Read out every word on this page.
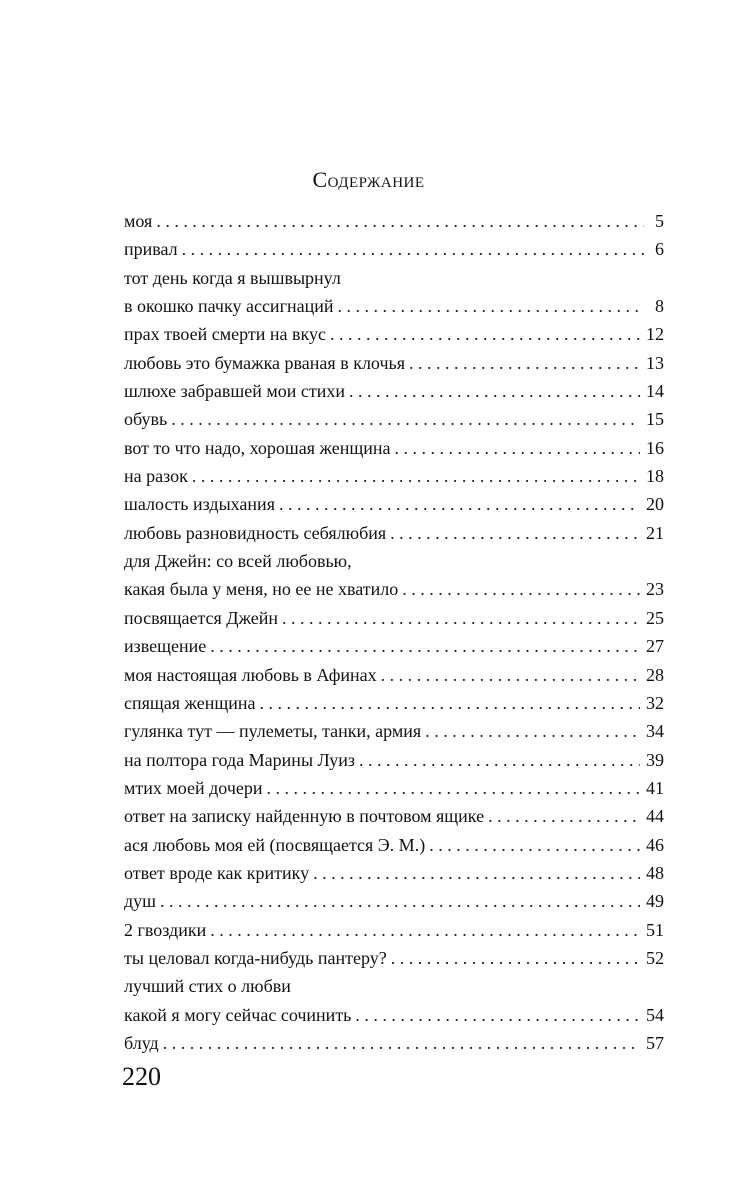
Содержание
моя . . .	5
привал . . .	6
тот день когда я вышвырнул
в окошко пачку ассигнаций . . .	8
прах твоей смерти на вкус . . .	12
любовь это бумажка рваная в клочья . . .	13
шлюхе забравшей мои стихи . . .	14
обувь . . .	15
вот то что надо, хорошая женщина . . .	16
на разок . . .	18
шалость издыхания . . .	20
любовь разновидность себялюбия . . .	21
для Джейн: со всей любовью,
какая была у меня, но ее не хватило . . .	23
посвящается Джейн . . .	25
извещение . . .	27
моя настоящая любовь в Афинах . . .	28
спящая женщина . . .	32
гулянка тут — пулеметы, танки, армия . . .	34
на полтора года Марины Луиз . . .	39
мтих моей дочери . . .	41
ответ на записку найденную в почтовом ящике . . .	44
ася любовь моя ей (посвящается Э. М.) . . .	46
ответ вроде как критику . . .	48
душ . . .	49
2 гвоздики . . .	51
ты целовал когда-нибудь пантеру? . . .	52
лучший стих о любви
какой я могу сейчас сочинить . . .	54
блуд . . .	57
220
